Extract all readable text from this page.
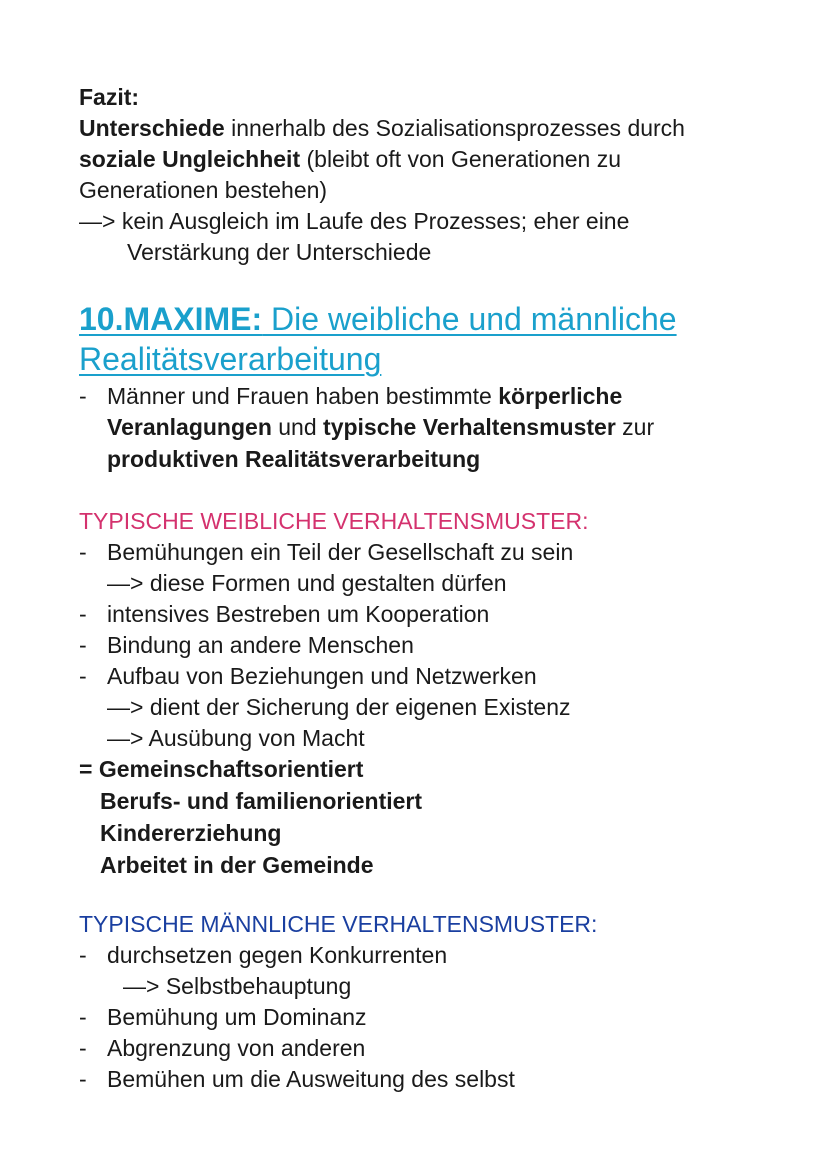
Fazit:
Unterschiede innerhalb des Sozialisationsprozesses durch
soziale Ungleichheit (bleibt oft von Generationen zu
Generationen bestehen)
—> kein Ausgleich im Laufe des Prozesses; eher eine
Verstärkung der Unterschiede
10.MAXIME: Die weibliche und männliche
Realitätsverarbeitung
- Männer und Frauen haben bestimmte körperliche
Veranlagungen und typische Verhaltensmuster zur
produktiven Realitätsverarbeitung
TYPISCHE WEIBLICHE VERHALTENSMUSTER:
- Bemühungen ein Teil der Gesellschaft zu sein
—> diese Formen und gestalten dürfen
- intensives Bestreben um Kooperation
- Bindung an andere Menschen
- Aufbau von Beziehungen und Netzwerken
—> dient der Sicherung der eigenen Existenz
—> Ausübung von Macht
= Gemeinschaftsorientiert
Berufs- und familienorientiert
Kindererziehung
Arbeitet in der Gemeinde
TYPISCHE MÄNNLICHE VERHALTENSMUSTER:
- durchsetzen gegen Konkurrenten
—> Selbstbehauptung
- Bemühung um Dominanz
- Abgrenzung von anderen
- Bemühen um die Ausweitung des selbst
